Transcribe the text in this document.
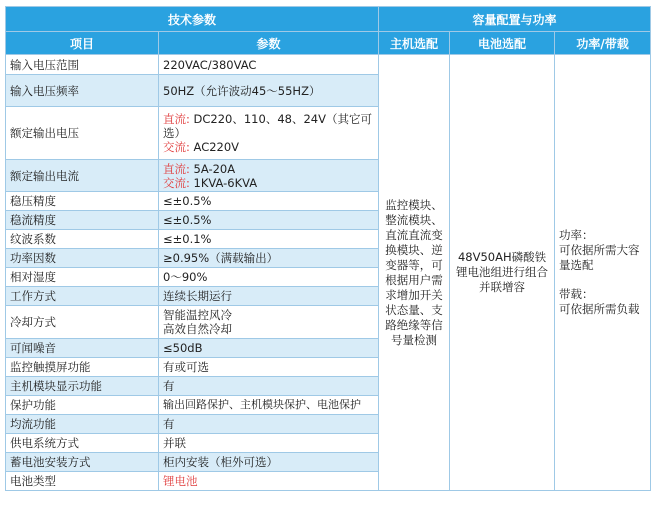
技术参数		容量配置与功率		
项目	参数	主机选配	电池选配	功率/带载
输入电压范围	220VAC/380VAC	监控模块、整流模块、直流直流变换模块、逆变器等，可根据用户需求增加开关状态量、支路绝缘等信号量检测	48V50AH磷酸铁锂电池组进行组合并联增容	功率：
可依据所需大容量选配
带载：
可依据所需负载

输入电压频率	50HZ（允许波动45～55HZ）			
额定输出电压	直流: DC220、110、48、24V（其它可选）
交流: AC220V			
额定输出电流	直流: 5A-20A
交流: 1KVA-6KVA			
稳压精度	≤±0.5%			
稳流精度	≤±0.5%			
纹波系数	≤±0.1%			
功率因数	≥0.95%（满载输出）			
相对湿度	0～90%			
工作方式	连续长期运行			
冷却方式	智能温控风冷
高效自然冷却			
可闻噪音	≤50dB			
监控触摸屏功能	有或可选			
主机模块显示功能	有			
保护功能	输出回路保护、主机模块保护、电池保护			

均流功能	有			
供电系统方式	并联			
蓄电池安装方式	柜内安装（柜外可选）			
电池类型	锂电池			
